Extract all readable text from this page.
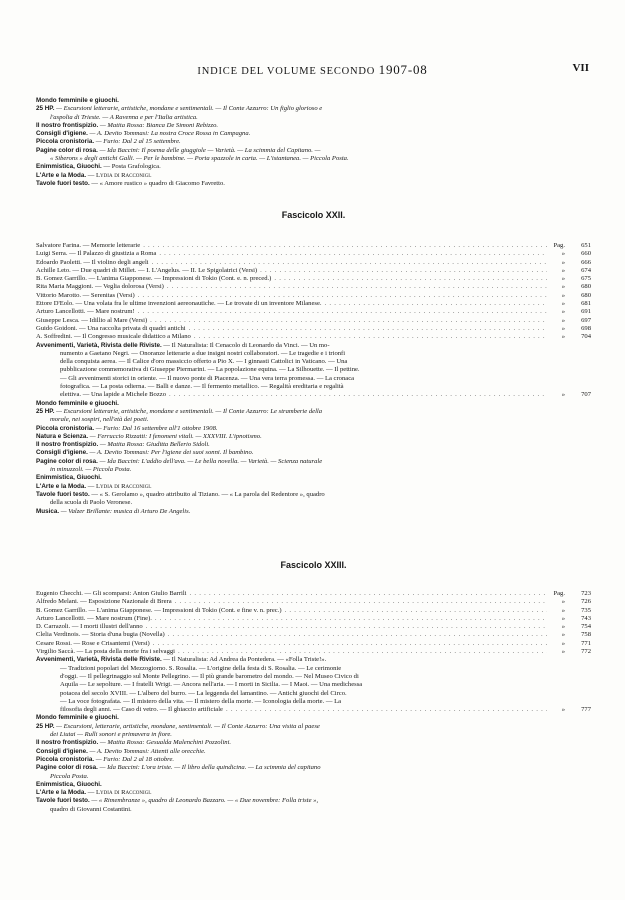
INDICE DEL VOLUME SECONDO 1907-08	VII
Mondo femminile e giuochi.
25 HP. — Escursioni letterarie, artistiche, mondane e sentimentali. — Il Conte Azzurro: Un figlio glorioso e
l'aspolia di Trieste. — A Ravenna e per l'Italia artistica.
Il nostro frontispizio. — Matita Rossa: Bianca De Simoni Rebizzo.
Consigli d'igiene. — A. Devito Tommasi: La nostra Croce Rossa in Campagna.
Piccola cronistoria. — Furio: Dal 2 al 15 settembre.
Pagine color di rosa. — Ida Baccini: Il poema delle giuggiole — Varietà. — La scimmia del Capitano. —
« Siberons » degli antichi Galli. — Per le bambine. — Porta spazzole in carta. — L'istantanea. — Piccola Posta.
Enimmistica, Giuochi. — Posta Grafologica.
L'Arte e la Moda. — Lydia di Racconigi.
Tavole fuori testo. — « Amore rustico » quadro di Giacomo Favretto.
Fascicolo XXII.
Salvatore Farina. — Memorie letterarie .....	Pag.	651
Luigi Serra. — Il Palazzo di giustizia a Roma .....	»	660
Edoardo Paoletti. — Il violino degli angeli .....	»	666
Achille Leto. — Due quadri di Millet. — I. L'Angelus. — II. Le Spigolatrici (Versi) .....	»	674
B. Gomez Garrillo. — L'anima Giapponese. — Impressioni di Tokio (Cont. e. n. preced.) .....	»	675
Rita Maria Maggioni. — Veglia dolorosa (Versi) .....	»	680
Vittorio Marotto. — Serenitas (Versi) .....	»	680
Ettore D'Eolo. — Una volata fra le ultime invenzioni aereonautiche. — Le trovate di un inventore Milanese. .....	»	681
Arturo Lancellotti. — Mare nostrum! .....	»	691
Giuseppe Lesca. — Idillio al Mare (Versi) .....	»	697
Guido Goidoni. — Una raccolta privata di quadri antichi .....	»	698
A. Soffredini. — Il Congresso musicale didattico a Milano .....	»	704
Avvenimenti, Varietà, Rivista delle Riviste. — Il Naturalista: Il Cenacolo di Leonardo da Vinci. — Un mo-
numento a Gaetano Negri. — Onoranze letterarie a due insigni nostri collaboratori. — Le tragedie e i trionfi
della conquista aerea. — Il Calice d'oro massiccio offerto a Pio X. — I ginnasti Cattolici in Vaticano. — Una
pubblicazione commemorativa di Giuseppe Piermarini. — La popolazione equina. — La Silhouette. — Il pettine.
— Gli avvenimenti storici in oriente. — Il nuovo ponte di Piacenza. — Una vera terra promessa. — La cronaca
fotografica. — La posta odierna. — Balli e danze. — Il fermento metallico. — Regalità ereditaria e regalità
elettiva. — Una lapide a Michele Bozzo .....	»	707
Mondo femminile e giuochi.
25 HP. — Escursioni letterarie, artistiche, mondane e sentimentali. — Il Conte Azzurro: Le stramberie della
morale, nei sospiri, nell'età dei poeti.
Piccola cronistoria. — Furio: Dal 16 settembre all'1 ottobre 1908.
Natura e Scienza. — Ferruccio Rizzatti: I fenomeni vitali. — XXXVIII. L'ipnotismo.
Il nostro frontispizio. — Matita Rossa: Giuditta Bellerio Sidoli.
Consigli d'igiene. — A. Devito Tommasi: Per l'igiene dei suoi sonni. Il bambino.
Pagine color di rosa. — Ida Baccini: L'addio dell'ava. — Le bella novella. — Varietà. — Scienza naturale
in minuzzoli. — Piccola Posta.
Enimmistica, Giuochi.
L'Arte e la Moda. — Lydia di Racconigi.
Tavole fuori testo. — « S. Gerolamo », quadro attribuito al Tiziano. — « La parola del Redentore », quadro
della scuola di Paolo Veronese.
Musica. — Valzer Brillante: musica di Arturo De Angelis.
Fascicolo XXIII.
Eugenio Checchi. — Gli scomparsi: Anton Giulio Barrili .....	Pag.	723
Alfredo Melani. — Esposizione Nazionale di Brera .....	»	726
B. Gomez Garrillo. — L'anima Giapponese. — Impressioni di Tokio (Cont. e fine v. n. prec.) .....	»	735
Arturo Lancellotti. — Mare nostrum (Fine). .....	»	743
D. Carrazoli. — I morti illustri dell'anno .....	»	754
Clelia Verdinois. — Storia d'una bugia (Novella) .....	»	758
Cesare Rossi. — Rose e Crisantemi (Versi) .....	»	771
Virgilio Saccà. — La posta della morte fra i selvaggi .....	»	772
Avvenimenti, Varietà, Rivista delle Riviste. — Il Naturalista: Ad Andrea da Pontedera. — «Folla Triste!».
— Tradizioni popolari del Mezzogiorno. S. Rosalia. — L'origine della festa di S. Rosalia. — Le cerimonie
d'oggi. — Il pellegrinaggio sul Monte Pellegrino. — Il più grande barometro del mondo. — Nel Museo Civico di
Aquila — Le sepolture. — I fratelli Wrigt. — Ancora nell'aria. — I morti in Sicilia. — I Maoi. — Una medichessa
potacea del secolo XVIII. — L'albero del burro. — La leggenda del lamantino. — Antichi giuochi del Circo.
— La voce fotografata. — Il mistero della vita. — Il mistero della morte. — Iconologia della morte. — La
filosofia degli anni. — Caso di vetro. — Il ghiaccio artificiale .....	»	777
Mondo femminile e giuochi.
25 HP. — Escursioni, letterarie, artistiche, mondane, sentimentali. — Il Conte Azzurro: Una visita al paese
dei Liutai — Rulli sonori e primavera in fiore.
Il nostro frontispizio. — Matita Rossa: Gesualda Malenchini Pozzolini.
Consigli d'igiene. — A. Devito Tommasi: Attenti alle orecchie.
Piccola cronistoria. — Furio: Dal 2 al 18 ottobre.
Pagine color di rosa. — Ida Baccini: L'ora triste. — Il libro della quindicina. — La scimmia del capitano
Piccola Posta.
Enimmistica, Giuochi.
L'Arte e la Moda. — Lydia di Racconigi.
Tavole fuori testo. — « Rimembranze », quadro di Leonardo Bazzaro. — « Due novembre: Folla triste »,
quadro di Giovanni Costantini.
